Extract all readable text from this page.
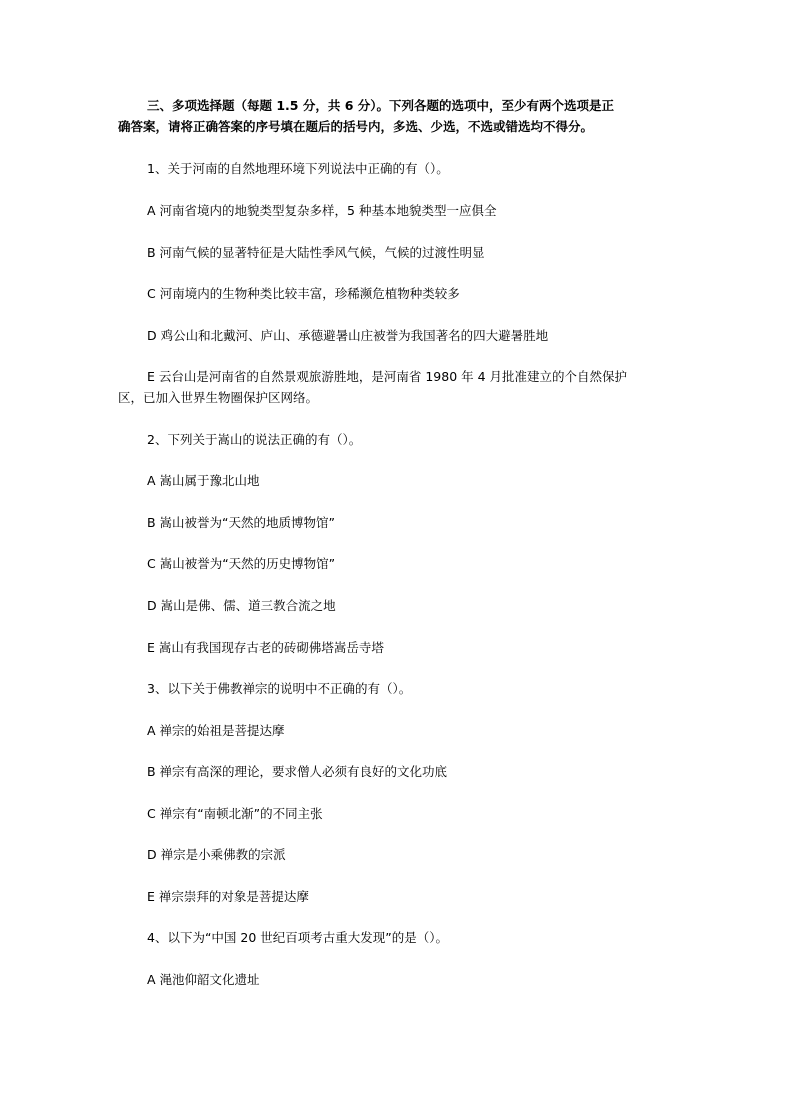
三、多项选择题（每题 1.5 分，共 6 分）。下列各题的选项中，至少有两个选项是正
确答案，请将正确答案的序号填在题后的括号内，多选、少选，不选或错选均不得分。
1、关于河南的自然地理环境下列说法中正确的有（）。
A 河南省境内的地貌类型复杂多样，5 种基本地貌类型一应俱全
B 河南气候的显著特征是大陆性季风气候，气候的过渡性明显
C 河南境内的生物种类比较丰富，珍稀濒危植物种类较多
D 鸡公山和北戴河、庐山、承德避暑山庄被誉为我国著名的四大避暑胜地
E 云台山是河南省的自然景观旅游胜地，是河南省 1980 年 4 月批准建立的个自然保护
区，已加入世界生物圈保护区网络。
2、下列关于嵩山的说法正确的有（）。
A 嵩山属于豫北山地
B 嵩山被誉为“天然的地质博物馆”
C 嵩山被誉为“天然的历史博物馆”
D 嵩山是佛、儒、道三教合流之地
E 嵩山有我国现存古老的砖砌佛塔嵩岳寺塔
3、以下关于佛教禅宗的说明中不正确的有（）。
A 禅宗的始祖是菩提达摩
B 禅宗有高深的理论，要求僧人必须有良好的文化功底
C 禅宗有“南顿北渐”的不同主张
D 禅宗是小乘佛教的宗派
E 禅宗崇拜的对象是菩提达摩
4、以下为“中国 20 世纪百项考古重大发现”的是（）。
A 渑池仰韶文化遗址
